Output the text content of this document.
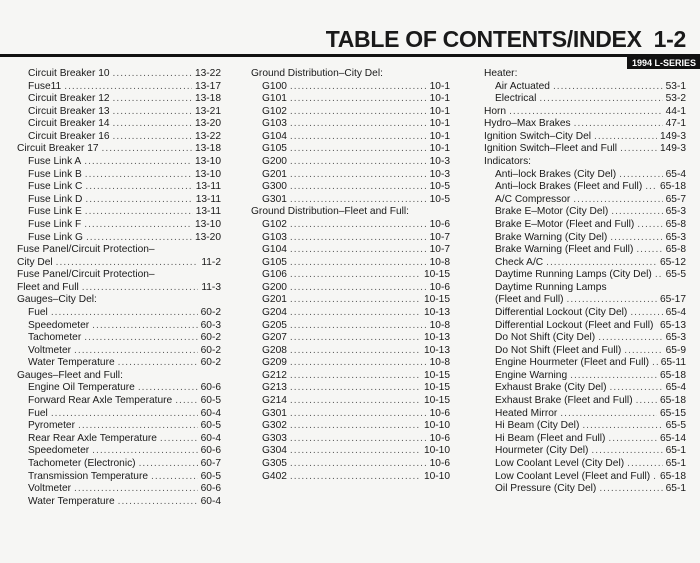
TABLE OF CONTENTS/INDEX 1-2
1994 L-SERIES
Circuit Breaker 10 .....	13-22
Fuse11 .....	13-17
Circuit Breaker 12 .....	13-18
Circuit Breaker 13 .....	13-21
Circuit Breaker 14 .....	13-20
Circuit Breaker 16 .....	13-22
Circuit Breaker 17 .....	13-18
Fuse Link A .....	13-10
Fuse Link B .....	13-10
Fuse Link C .....	13-11
Fuse Link D .....	13-11
Fuse Link E .....	13-11
Fuse Link F .....	13-10
Fuse Link G .....	13-20
Fuse Panel/Circuit Protection–
City Del .....	11-2
Fuse Panel/Circuit Protection–
Fleet and Full .....	11-3
Gauges–City Del:
Fuel .....	60-2
Speedometer .....	60-3
Tachometer .....	60-2
Voltmeter .....	60-2
Water Temperature .....	60-2
Gauges–Fleet and Full:
Engine Oil Temperature .....	60-6
Forward Rear Axle Temperature .....	60-5
Fuel .....	60-4
Pyrometer .....	60-5
Rear Rear Axle Temperature .....	60-4
Speedometer .....	60-6
Tachometer (Electronic) .....	60-7
Transmission Temperature .....	60-5
Voltmeter .....	60-6
Water Temperature .....	60-4
Ground Distribution–City Del:
G100 .....	10-1
G101 .....	10-1
G102 .....	10-1
G103 .....	10-1
G104 .....	10-1
G105 .....	10-1
G200 .....	10-3
G201 .....	10-3
G300 .....	10-5
G301 .....	10-5
Ground Distribution–Fleet and Full:
G102 .....	10-6
G103 .....	10-7
G104 .....	10-7
G105 .....	10-8
G106 .....	10-15
G200 .....	10-6
G201 .....	10-15
G204 .....	10-13
G205 .....	10-8
G207 .....	10-13
G208 .....	10-13
G209 .....	10-8
G212 .....	10-15
G213 .....	10-15
G214 .....	10-15
G301 .....	10-6
G302 .....	10-10
G303 .....	10-6
G304 .....	10-10
G305 .....	10-6
G402 .....	10-10
Heater:
Air Actuated .....	53-1
Electrical .....	53-2
Horn .....	44-1
Hydro–Max Brakes .....	47-1
Ignition Switch–City Del .....	149-3
Ignition Switch–Fleet and Full .....	149-3
Indicators:
Anti–lock Brakes (City Del) .....	65-4
Anti–lock Brakes (Fleet and Full) ..... 65-18
A/C Compressor .....	65-7
Brake E–Motor (City Del) .....	65-3
Brake E–Motor (Fleet and Full) .....	65-8
Brake Warning (City Del) .....	65-3
Brake Warning (Fleet and Full) .....	65-8
Check A/C .....	65-12
Daytime Running Lamps (City Del) ..... 65-5
Daytime Running Lamps
(Fleet and Full) .....	65-17
Differential Lockout (City Del) .....	65-4
Differential Lockout (Fleet and Full) ..... 65-13
Do Not Shift (City Del) .....	65-3
Do Not Shift (Fleet and Full) .....	65-9
Engine Hourmeter (Fleet and Full) ..... 65-11
Engine Warning .....	65-18
Exhaust Brake (City Del) .....	65-4
Exhaust Brake (Fleet and Full) .....	65-18
Heated Mirror .....	65-15
Hi Beam (City Del) .....	65-5
Hi Beam (Fleet and Full) .....	65-14
Hourmeter (City Del) .....	65-1
Low Coolant Level (City Del) .....	65-1
Low Coolant Level (Fleet and Full) ..... 65-18
Oil Pressure (City Del) .....	65-1
